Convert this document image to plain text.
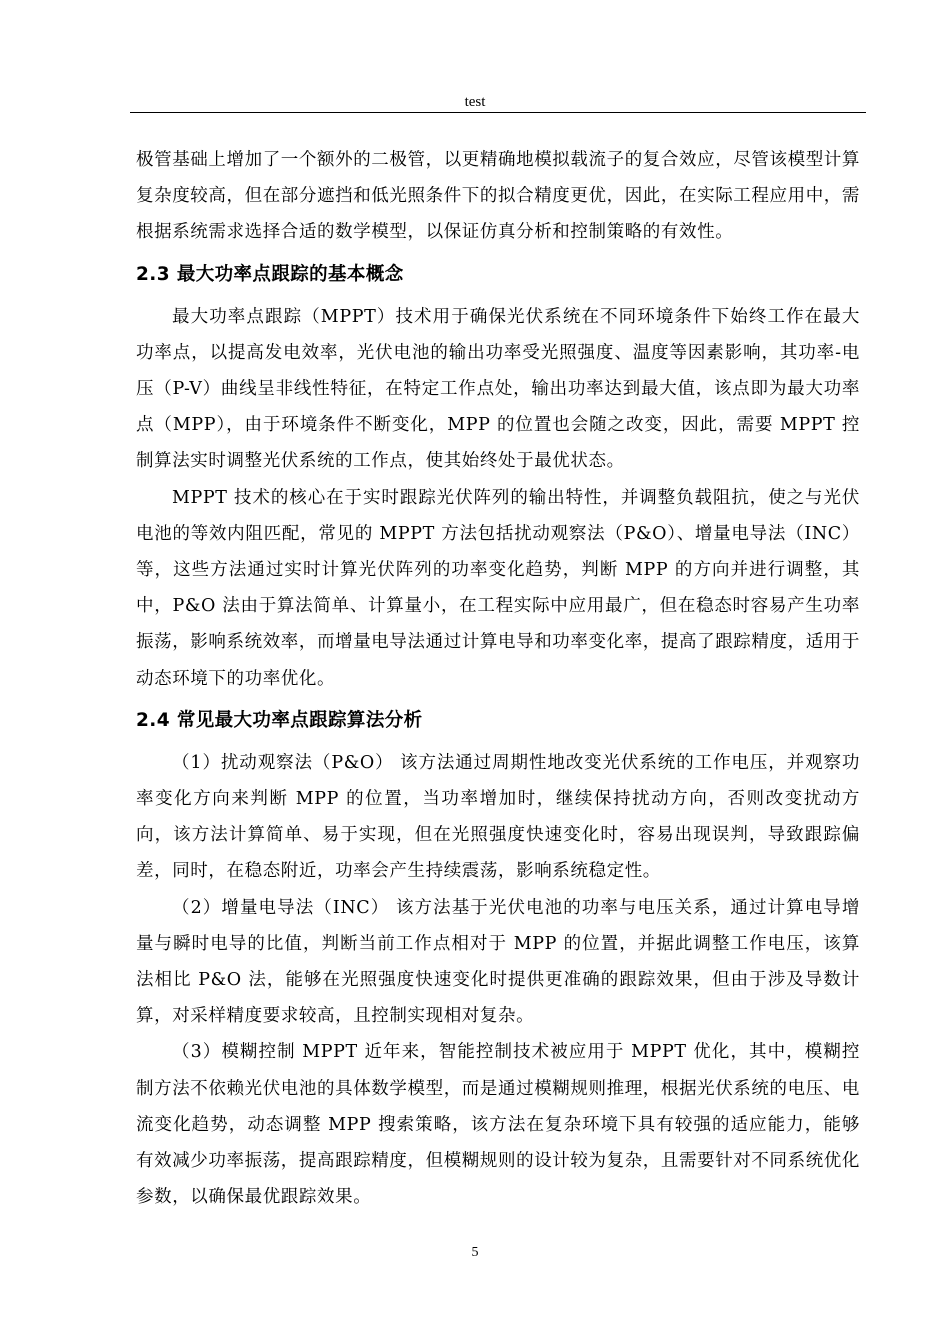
test

极管基础上增加了一个额外的二极管，以更精确地模拟载流子的复合效应，尽管该模型计算复杂度较高，但在部分遮挡和低光照条件下的拟合精度更优，因此，在实际工程应用中，需根据系统需求选择合适的数学模型，以保证仿真分析和控制策略的有效性。

2.3 最大功率点跟踪的基本概念

最大功率点跟踪（MPPT）技术用于确保光伏系统在不同环境条件下始终工作在最大功率点，以提高发电效率，光伏电池的输出功率受光照强度、温度等因素影响，其功率-电压（P-V）曲线呈非线性特征，在特定工作点处，输出功率达到最大值，该点即为最大功率点（MPP），由于环境条件不断变化，MPP 的位置也会随之改变，因此，需要 MPPT 控制算法实时调整光伏系统的工作点，使其始终处于最优状态。

MPPT 技术的核心在于实时跟踪光伏阵列的输出特性，并调整负载阻抗，使之与光伏电池的等效内阻匹配，常见的 MPPT 方法包括扰动观察法（P&O）、增量电导法（INC）等，这些方法通过实时计算光伏阵列的功率变化趋势，判断 MPP 的方向并进行调整，其中，P&O 法由于算法简单、计算量小，在工程实际中应用最广，但在稳态时容易产生功率振荡，影响系统效率，而增量电导法通过计算电导和功率变化率，提高了跟踪精度，适用于动态环境下的功率优化。

2.4 常见最大功率点跟踪算法分析

（1）扰动观察法（P&O） 该方法通过周期性地改变光伏系统的工作电压，并观察功率变化方向来判断 MPP 的位置，当功率增加时，继续保持扰动方向，否则改变扰动方向，该方法计算简单、易于实现，但在光照强度快速变化时，容易出现误判，导致跟踪偏差，同时，在稳态附近，功率会产生持续震荡，影响系统稳定性。

（2）增量电导法（INC） 该方法基于光伏电池的功率与电压关系，通过计算电导增量与瞬时电导的比值，判断当前工作点相对于 MPP 的位置，并据此调整工作电压，该算法相比 P&O 法，能够在光照强度快速变化时提供更准确的跟踪效果，但由于涉及导数计算，对采样精度要求较高，且控制实现相对复杂。

（3）模糊控制 MPPT 近年来，智能控制技术被应用于 MPPT 优化，其中，模糊控制方法不依赖光伏电池的具体数学模型，而是通过模糊规则推理，根据光伏系统的电压、电流变化趋势，动态调整 MPP 搜索策略，该方法在复杂环境下具有较强的适应能力，能够有效减少功率振荡，提高跟踪精度，但模糊规则的设计较为复杂，且需要针对不同系统优化参数，以确保最优跟踪效果。

5
